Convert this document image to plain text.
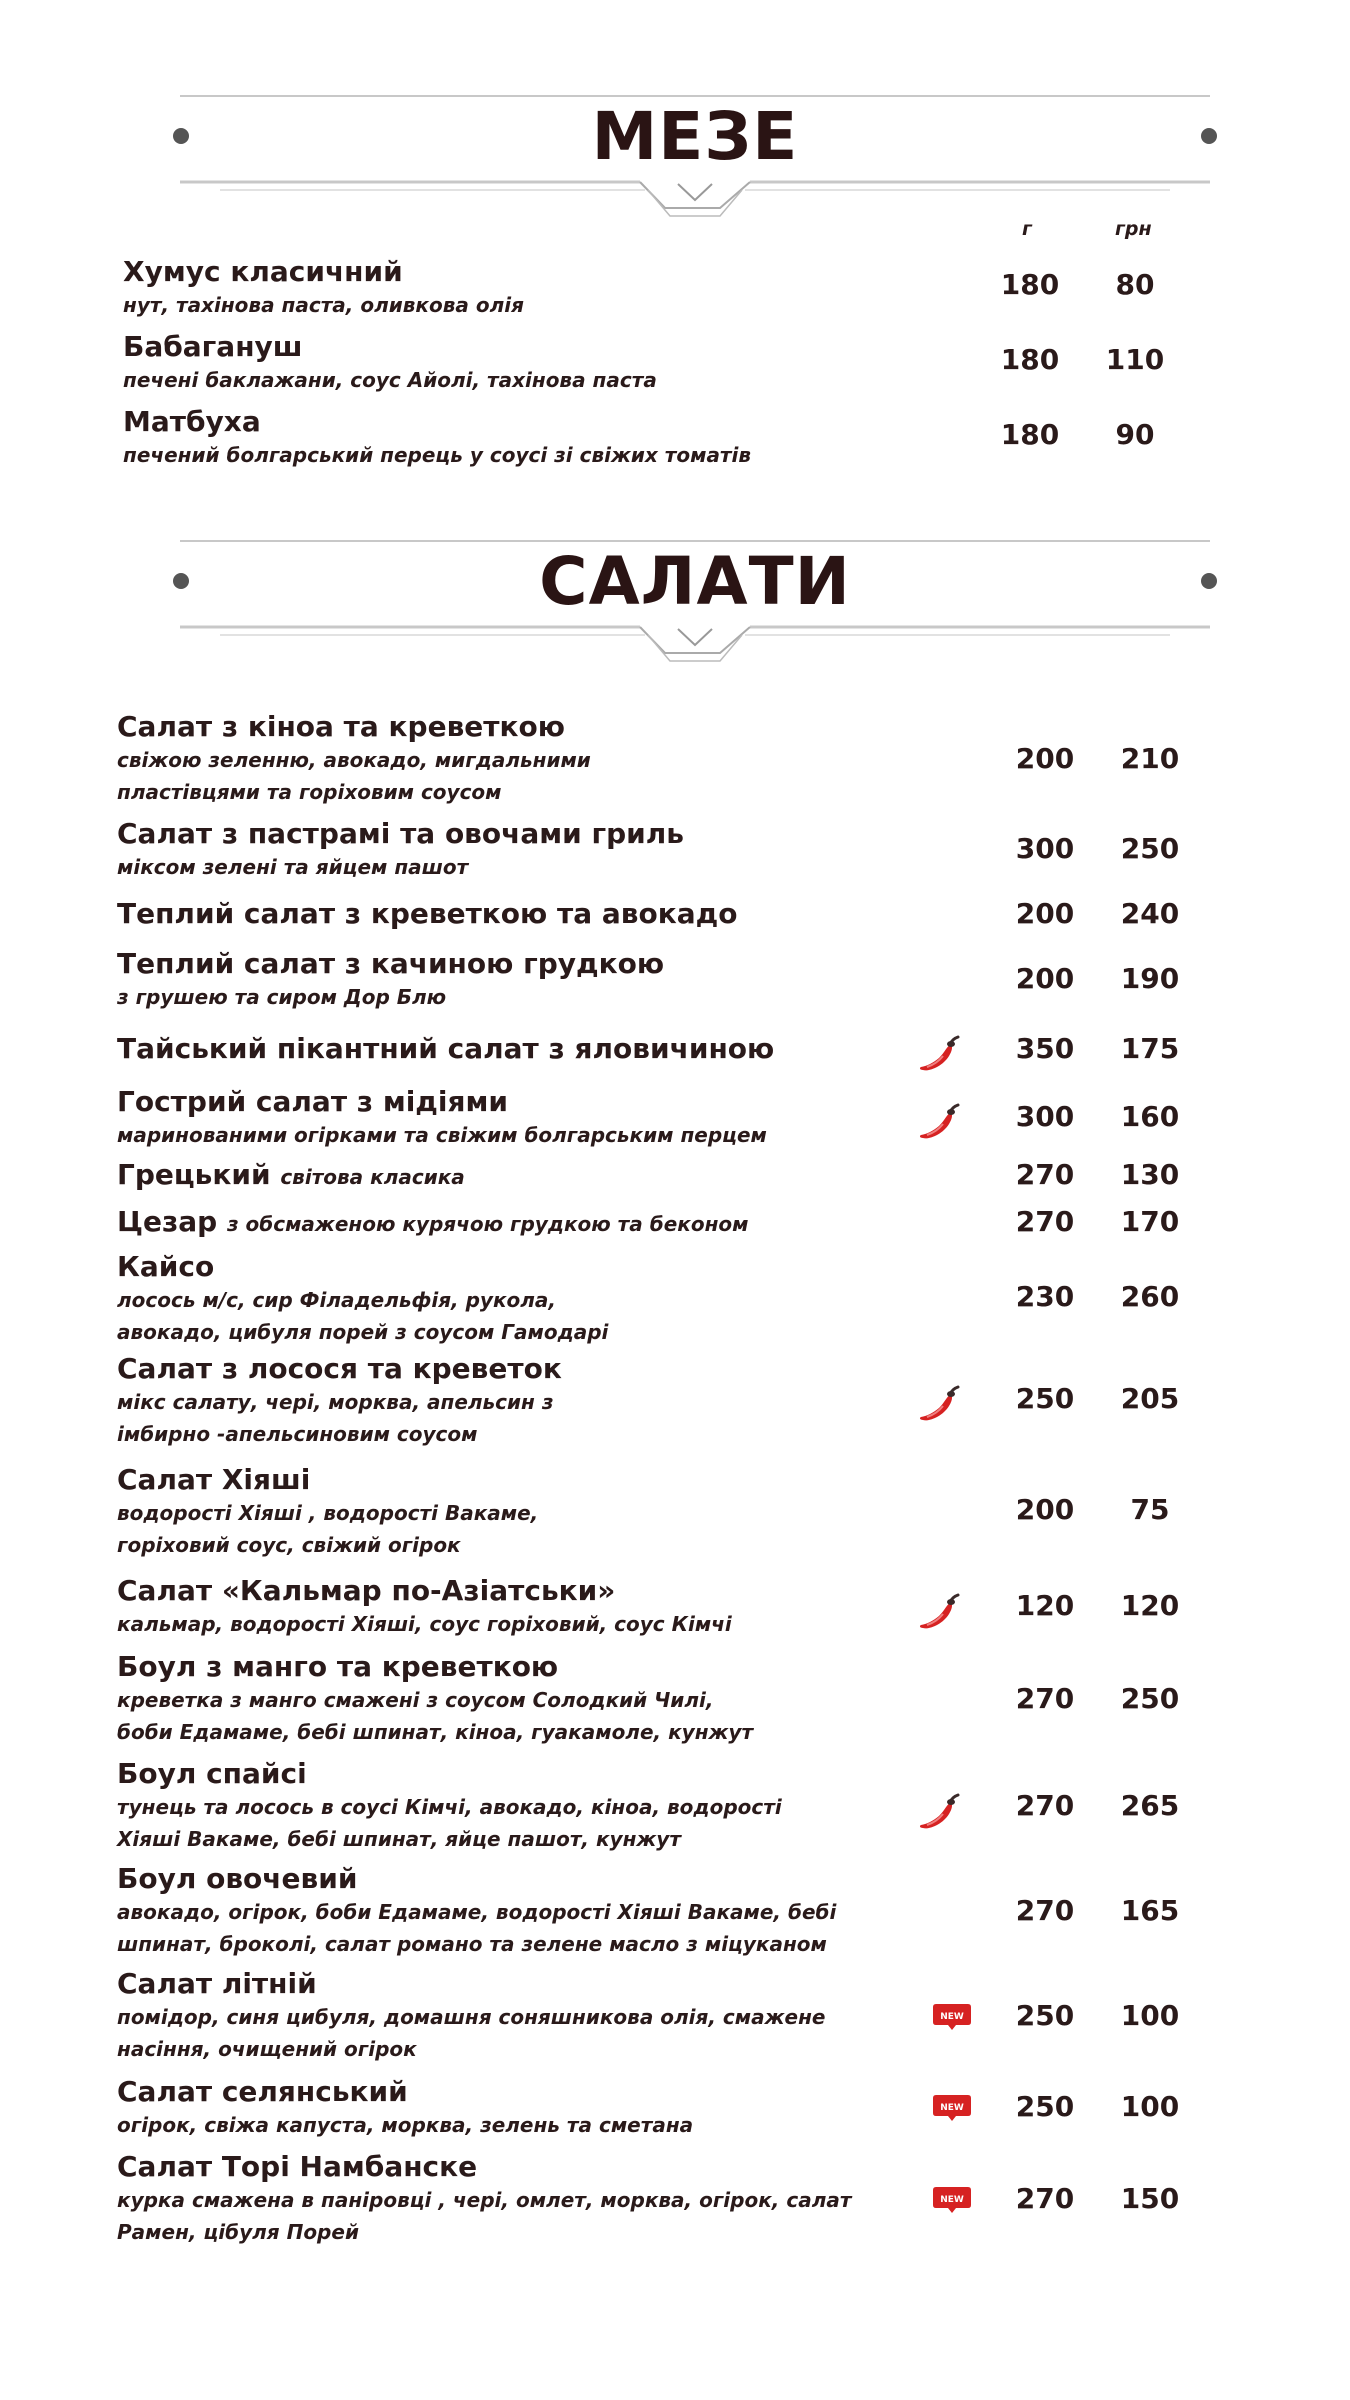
МЕЗЕ
г	грн
Хумус класичний
нут, тахінова паста, оливкова олія
180	80
Бабагануш
печені баклажани, соус Айолі, тахінова паста
180	110
Матбуха
печений болгарський перець у соусі зі свіжих томатів
180	90
САЛАТИ
Салат з кіноа та креветкою
свіжою зеленню, авокадо, мигдальними
пластівцями та горіховим соусом
200	210
Салат з пастрамі та овочами гриль
міксом зелені та яйцем пашот
300	250
Теплий салат з креветкою та авокадо	200	240
Теплий салат з качиною грудкою
з грушею та сиром Дор Блю
200	190
Тайський пікантний салат з яловичиною	350	175
Гострий салат з мідіями
маринованими огірками та свіжим болгарським перцем
300	160
Грецький світова класика	270	130
Цезар з обсмаженою курячою грудкою та беконом	270	170
Кайсо
лосось м/с, сир Філадельфія, рукола,
авокадо, цибуля порей з соусом Гамодарі
230	260
Салат з лосося та креветок
мікс салату, черi, морква, апельсин з
імбирно -апельсиновим соусом
250	205
Салат Хіяші
водорості Хіяші , водорості Вакаме,
горіховий соус, свіжий огірок
200	75
Салат «Кальмар по-Азіатськи»
кальмар, водорості Хіяші, соус горіховий, соус Кімчі
120	120
Боул з манго та креветкою
креветка з манго смажені з соусом Солодкий Чилі,
боби Едамаме, бебі шпинат, кіноа, гуакамоле, кунжут
270	250
Боул спайсі
тунець та лосось в соусі Кімчі, авокадо, кіноа, водорості
Хіяші Вакаме, бебі шпинат, яйце пашот, кунжут
270	265
Боул овочевий
авокадо, огірок, боби Едамаме, водорості Хіяші Вакаме, бебі
шпинат, броколі, салат романо та зелене масло з міцуканом
270	165
Салат літній
помідор, синя цибуля, домашня соняшникова олія, смажене
насіння, очищений огірок
250	100
NEW
Салат селянський
огірок, свіжа капуста, морква, зелень та сметана
250	100
NEW
Салат Торі Намбанске
курка смажена в паніровці , черi, омлет, морква, огірок, салат
Рамен, цібуля Порей
270	150
NEW
